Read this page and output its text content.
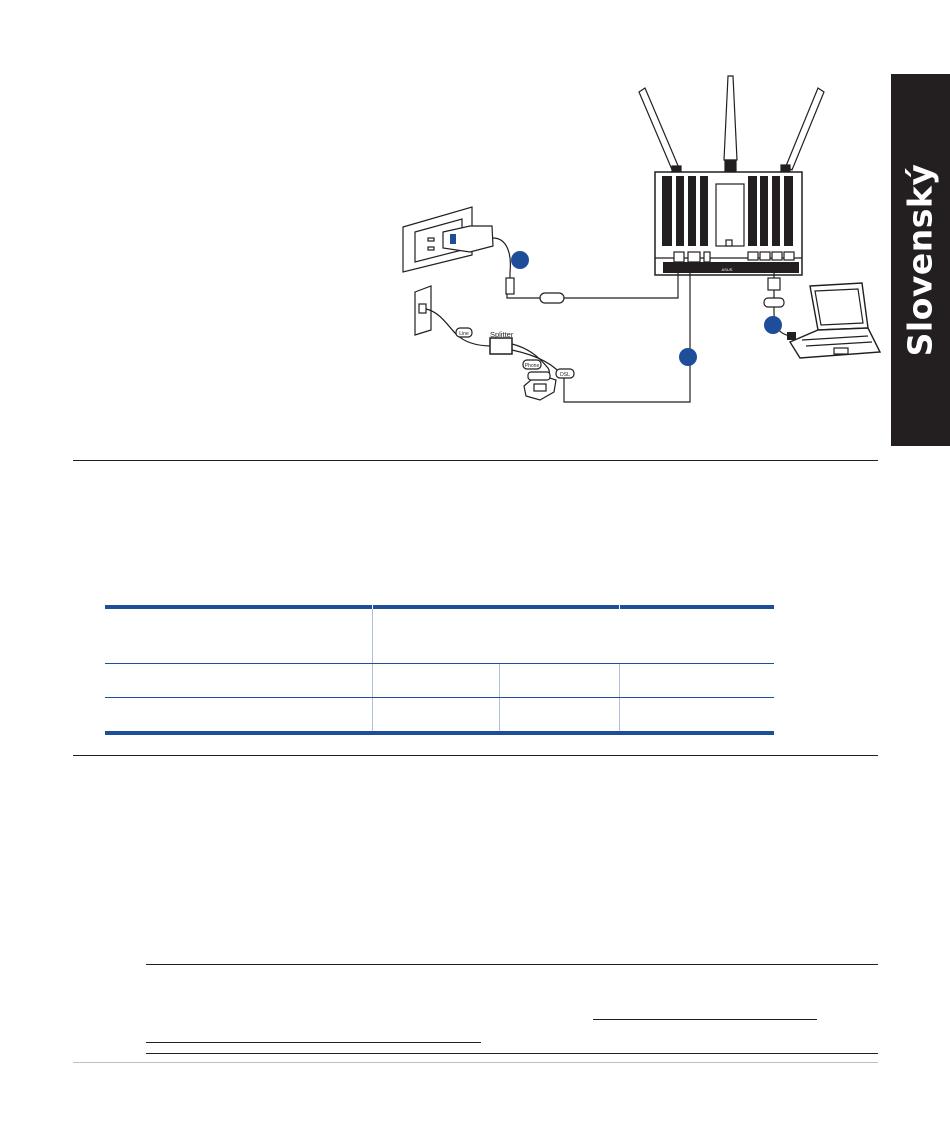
Slovenský
ASUS
Splitter
Line
Phone
DSL
